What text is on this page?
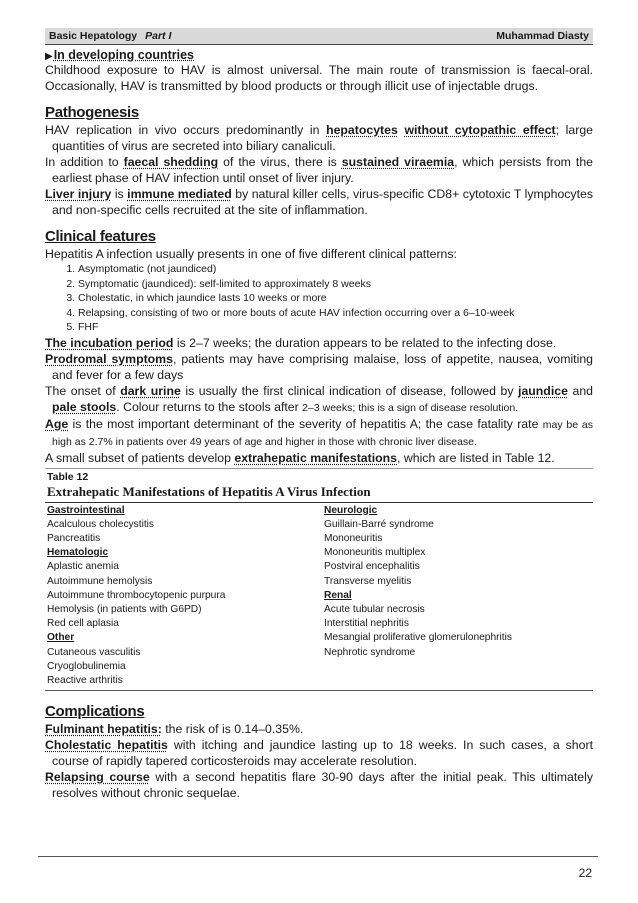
Basic Hepatology Part I	Muhammad Diasty
▶In developing countries

Childhood exposure to HAV is almost universal. The main route of transmission is faecal-oral. Occasionally, HAV is transmitted by blood products or through illicit use of injectable drugs.

Pathogenesis

HAV replication in vivo occurs predominantly in hepatocytes without cytopathic effect; large quantities of virus are secreted into biliary canaliculi.

In addition to faecal shedding of the virus, there is sustained viraemia, which persists from the earliest phase of HAV infection until onset of liver injury.

Liver injury is immune mediated by natural killer cells, virus-specific CD8+ cytotoxic T lymphocytes and non-specific cells recruited at the site of inflammation.

Clinical features

Hepatitis A infection usually presents in one of five different clinical patterns:

1. Asymptomatic (not jaundiced)
2. Symptomatic (jaundiced): self-limited to approximately 8 weeks
3. Cholestatic, in which jaundice lasts 10 weeks or more
4. Relapsing, consisting of two or more bouts of acute HAV infection occurring over a 6–10-week
5. FHF

The incubation period is 2–7 weeks; the duration appears to be related to the infecting dose.

Prodromal symptoms, patients may have comprising malaise, loss of appetite, nausea, vomiting and fever for a few days

The onset of dark urine is usually the first clinical indication of disease, followed by jaundice and pale stools. Colour returns to the stools after 2–3 weeks; this is a sign of disease resolution.

Age is the most important determinant of the severity of hepatitis A; the case fatality rate may be as high as 2.7% in patients over 49 years of age and higher in those with chronic liver disease.

A small subset of patients develop extrahepatic manifestations, which are listed in Table 12.

Table 12
Extrahepatic Manifestations of Hepatitis A Virus Infection
Gastrointestinal
Acalculous cholecystitis
Pancreatitis
Hematologic
Aplastic anemia
Autoimmune hemolysis
Autoimmune thrombocytopenic purpura
Hemolysis (in patients with G6PD)
Red cell aplasia
Other
Cutaneous vasculitis
Cryoglobulinemia
Reactive arthritis
Neurologic
Guillain-Barré syndrome
Mononeuritis
Mononeuritis multiplex
Postviral encephalitis
Transverse myelitis
Renal
Acute tubular necrosis
Interstitial nephritis
Mesangial proliferative glomerulonephritis
Nephrotic syndrome
Complications

Fulminant hepatitis: the risk of is 0.14–0.35%.

Cholestatic hepatitis with itching and jaundice lasting up to 18 weeks. In such cases, a short course of rapidly tapered corticosteroids may accelerate resolution.

Relapsing course with a second hepatitis flare 30-90 days after the initial peak. This ultimately resolves without chronic sequelae.

22
